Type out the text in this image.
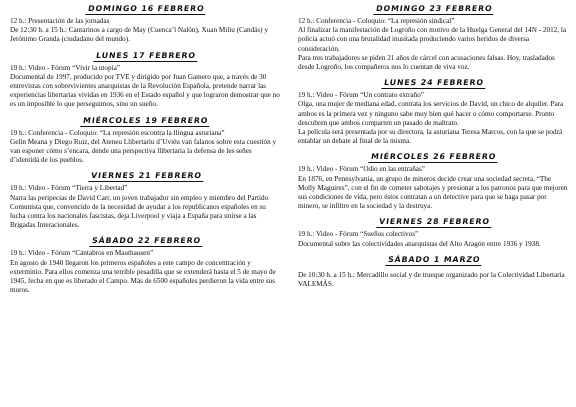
DOMINGO 16 FEBRERO

12 h.: Presentación de las jornadas

De 12:30 h. a 15 h.: Cantarinos a cargo de May (Cuenca’l Nalón), Xuan Miliu (Candás) y Jerónimo Granda (ciudadano del mundo).

LUNES 17 FEBRERO

19 h.: Video - Fórum “Vivir la utopía”

Documental de 1997, producido por TVE y dirigido por Juan Gamero que, a través de 30 entrevistas con sobrevivientes anarquistas de la Revolución Española, pretende narrar las experiencias libertarias vividas en 1936 en el Estado español y que lograron demostrar que no es un imposible lo que perseguimos, sino un sueño.

MIÉRCOLES 19 FEBRERO

19 h.: Conferencia - Coloquio: “La represión escontra la llingua asturiana”

Gelín Meana y Diego Ruiz, del Ateneu Llibertariu d’Uviéu van falanos sobre esta cuestión y van esponer cómo s’encara, dende una perspectiva llibertaria la defensa de les señes d’identidá de los pueblos.

VIERNES 21 FEBRERO

19 h.: Video - Fórum “Tierra y Libertad”

Narra las peripecias de David Carr, un joven trabajador sin empleo y miembro del Partido Comunista que, convencido de la necesidad de ayudar a los republicanos españoles en su lucha contra los nacionales fascistas, deja Liverpool y viaja a España para unirse a las Brigadas Interacionales.

SÁBADO 22 FEBRERO

19 h.: Video - Fórum “Cántabros en Mauthausen”

En agosto de 1940 llegaron los primeros españoles a este campo de concentración y exterminio. Para ellos comenza una terrible pesadilla que se extenderá hasta el 5 de mayo de 1945, fecha en que es liberado el Campo. Más de 6500 españoles perdieron la vida entre sus muros.

DOMINGO 23 FEBRERO

12 h.: Conferencia - Coloquio: “La represión sindical”

Al finalizar la manifestación de Logroño con motivo de la Huelga General del 14N - 2012, la policía actuó con una brutalidad inusitada produciendo varios heridos de diversa consideración.

Para tres trabajadores se piden 21 años de cárcel con acusaciones falsas. Hoy, trasladados desde Logroño, los compañeros nos lo cuentan de viva voz.

LUNES 24 FEBRERO

19 h.: Video - Fórum “Un contrato extraño”

Olga, una mujer de mediana edad, contrata los servicios de David, un chico de alquiler. Para ambos es la primera vez y ninguno sabe muy bien qué hacer o cómo comportarse. Pronto descubren que ambos comparten un pasado de maltrato.

La película será presentada por su directora, la asturiana Teresa Marcos, con la que se podrá entablar un debate al final de la misma.

MIÉRCOLES 26 FEBRERO

19 h.: Video - Fórum “Odio en las entrañas”

En 1876, en Pennsylvania, un grupo de mineros decide crear una sociedad secreta, “The Molly Maguires”, con el fin de cometer sabotajes y presionar a los patronos para que mejoren sus condiciones de vida, pero éstos contratan a un detective para que se haga pasar por minero, se infiltre en la sociedad y la destruya.

VIERNES 28 FEBRERO

19 h.: Video - Fórum “Sueños colectivos”

Documental sobre las colectividades anarquistas del Alto Aragón entre 1936 y 1938.

SÁBADO 1 MARZO

De 10:30 h. a 15 h.: Mercadillo social y de trueque organizado por la Colectividad Libertaria VALEMÁS.
